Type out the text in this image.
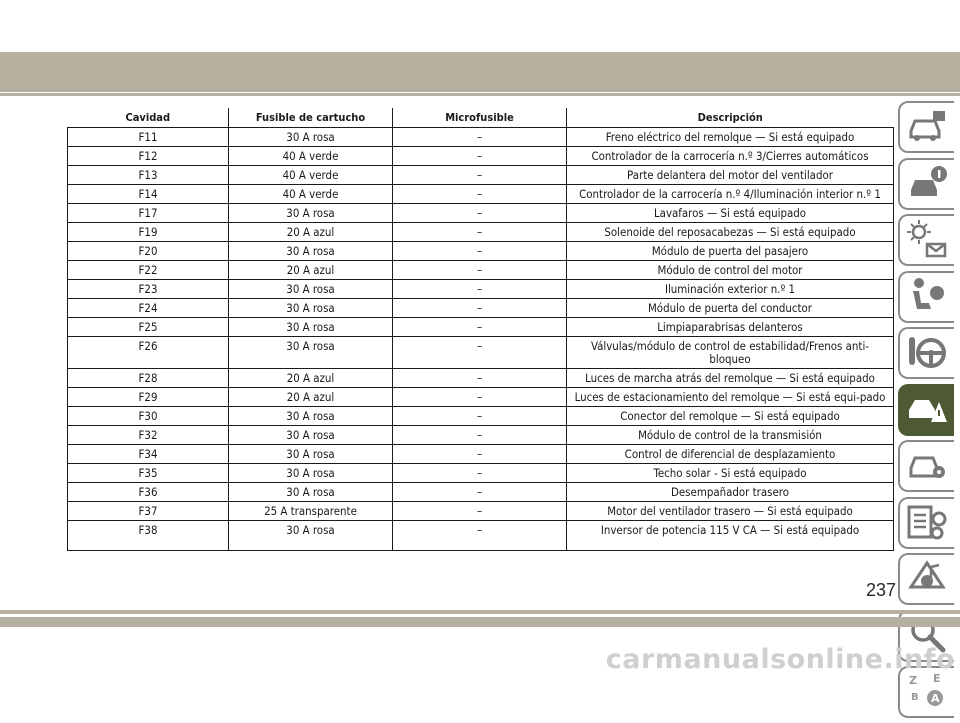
Cavidad	Fusible de cartucho	Microfusible	Descripción
F11	30 A rosa	–	Freno eléctrico del remolque — Si está equipado
F12	40 A verde	–	Controlador de la carrocería n.º 3/Cierres automáticos
F13	40 A verde	–	Parte delantera del motor del ventilador
F14	40 A verde	–	Controlador de la carrocería n.º 4/Iluminación interior n.º 1
F17	30 A rosa	–	Lavafaros — Si está equipado
F19	20 A azul	–	Solenoide del reposacabezas — Si está equipado
F20	30 A rosa	–	Módulo de puerta del pasajero
F22	20 A azul	–	Módulo de control del motor
F23	30 A rosa	–	Iluminación exterior n.º 1
F24	30 A rosa	–	Módulo de puerta del conductor
F25	30 A rosa	–	Limpiaparabrisas delanteros
F26	30 A rosa	–	Válvulas/módulo de control de estabilidad/Frenos anti-bloqueo
F28	20 A azul	–	Luces de marcha atrás del remolque — Si está equipado
F29	20 A azul	–	Luces de estacionamiento del remolque — Si está equi-pado
F30	30 A rosa	–	Conector del remolque — Si está equipado
F32	30 A rosa	–	Módulo de control de la transmisión
F34	30 A rosa	–	Control de diferencial de desplazamiento
F35	30 A rosa	–	Techo solar - Si está equipado
F36	30 A rosa	–	Desempañador trasero
F37	25 A transparente	–	Motor del ventilador trasero — Si está equipado
F38	30 A rosa	–	Inversor de potencia 115 V CA — Si está equipado
Z E
B A
237
carmanualsonline.info
